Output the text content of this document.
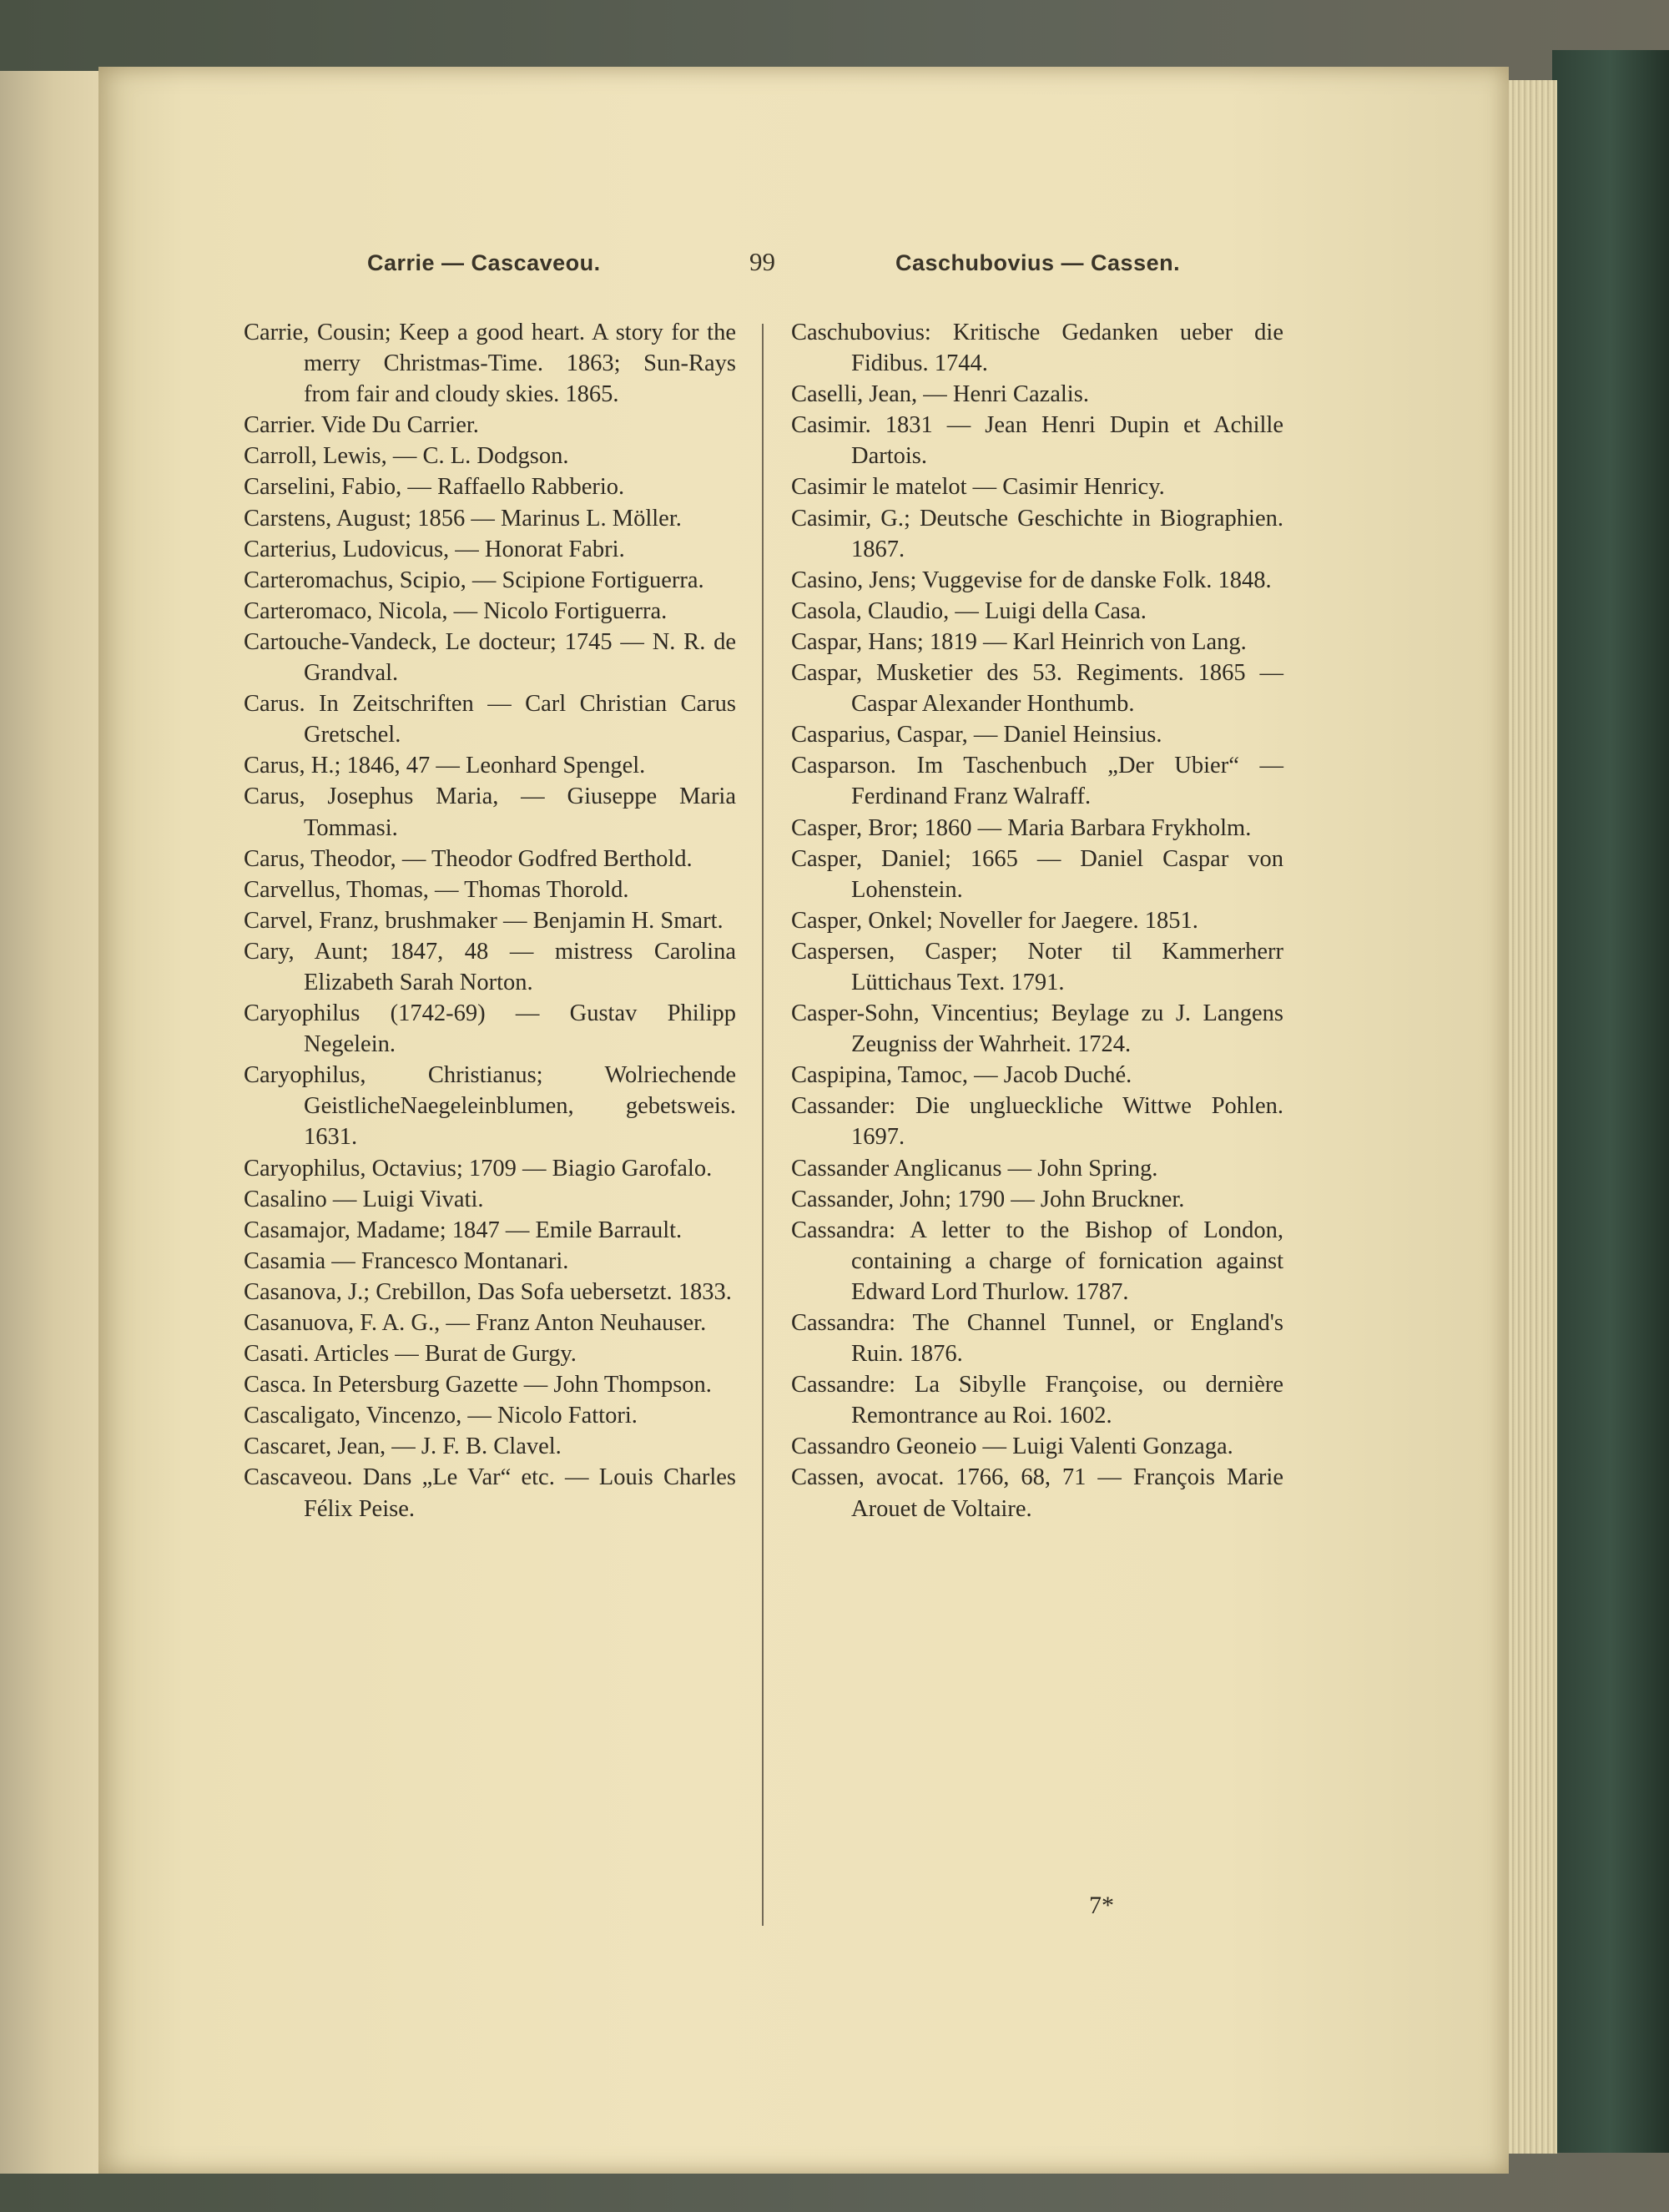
Carrie — Cascaveou.	99	Caschubovius — Cassen.

Carrie, Cousin; Keep a good heart. A story for the merry Christmas-Time. 1863; Sun-Rays from fair and cloudy skies. 1865.

Carrier. Vide Du Carrier.

Carroll, Lewis, — C. L. Dodgson.

Carselini, Fabio, — Raffaello Rabberio.

Carstens, August; 1856 — Marinus L. Möller.

Carterius, Ludovicus, — Honorat Fabri.

Carteromachus, Scipio, — Scipione Fortiguerra.

Carteromaco, Nicola, — Nicolo Fortiguerra.

Cartouche-Vandeck, Le docteur; 1745 — N. R. de Grandval.

Carus. In Zeitschriften — Carl Christian Carus Gretschel.

Carus, H.; 1846, 47 — Leonhard Spengel.

Carus, Josephus Maria, — Giuseppe Maria Tommasi.

Carus, Theodor, — Theodor Godfred Berthold.

Carvellus, Thomas, — Thomas Thorold.

Carvel, Franz, brushmaker — Benjamin H. Smart.

Cary, Aunt; 1847, 48 — mistress Carolina Elizabeth Sarah Norton.

Caryophilus (1742-69) — Gustav Philipp Negelein.

Caryophilus, Christianus; Wolriechende GeistlicheNaegeleinblumen, gebetsweis. 1631.

Caryophilus, Octavius; 1709 — Biagio Garofalo.

Casalino — Luigi Vivati.

Casamajor, Madame; 1847 — Emile Barrault.

Casamia — Francesco Montanari.

Casanova, J.; Crebillon, Das Sofa uebersetzt. 1833.

Casanuova, F. A. G., — Franz Anton Neuhauser.

Casati. Articles — Burat de Gurgy.

Casca. In Petersburg Gazette — John Thompson.

Cascaligato, Vincenzo, — Nicolo Fattori.

Cascaret, Jean, — J. F. B. Clavel.

Cascaveou. Dans „Le Var“ etc. — Louis Charles Félix Peise.

Caschubovius: Kritische Gedanken ueber die Fidibus. 1744.

Caselli, Jean, — Henri Cazalis.

Casimir. 1831 — Jean Henri Dupin et Achille Dartois.

Casimir le matelot — Casimir Henricy.

Casimir, G.; Deutsche Geschichte in Biographien. 1867.

Casino, Jens; Vuggevise for de danske Folk. 1848.

Casola, Claudio, — Luigi della Casa.

Caspar, Hans; 1819 — Karl Heinrich von Lang.

Caspar, Musketier des 53. Regiments. 1865 — Caspar Alexander Honthumb.

Casparius, Caspar, — Daniel Heinsius.

Casparson. Im Taschenbuch „Der Ubier“ — Ferdinand Franz Walraff.

Casper, Bror; 1860 — Maria Barbara Frykholm.

Casper, Daniel; 1665 — Daniel Caspar von Lohenstein.

Casper, Onkel; Noveller for Jaegere. 1851.

Caspersen, Casper; Noter til Kammerherr Lüttichaus Text. 1791.

Casper-Sohn, Vincentius; Beylage zu J. Langens Zeugniss der Wahrheit. 1724.

Caspipina, Tamoc, — Jacob Duché.

Cassander: Die unglueckliche Wittwe Pohlen. 1697.

Cassander Anglicanus — John Spring.

Cassander, John; 1790 — John Bruckner.

Cassandra: A letter to the Bishop of London, containing a charge of fornication against Edward Lord Thurlow. 1787.

Cassandra: The Channel Tunnel, or England's Ruin. 1876.

Cassandre: La Sibylle Françoise, ou dernière Remontrance au Roi. 1602.

Cassandro Geoneio — Luigi Valenti Gonzaga.

Cassen, avocat. 1766, 68, 71 — François Marie Arouet de Voltaire.

7*
